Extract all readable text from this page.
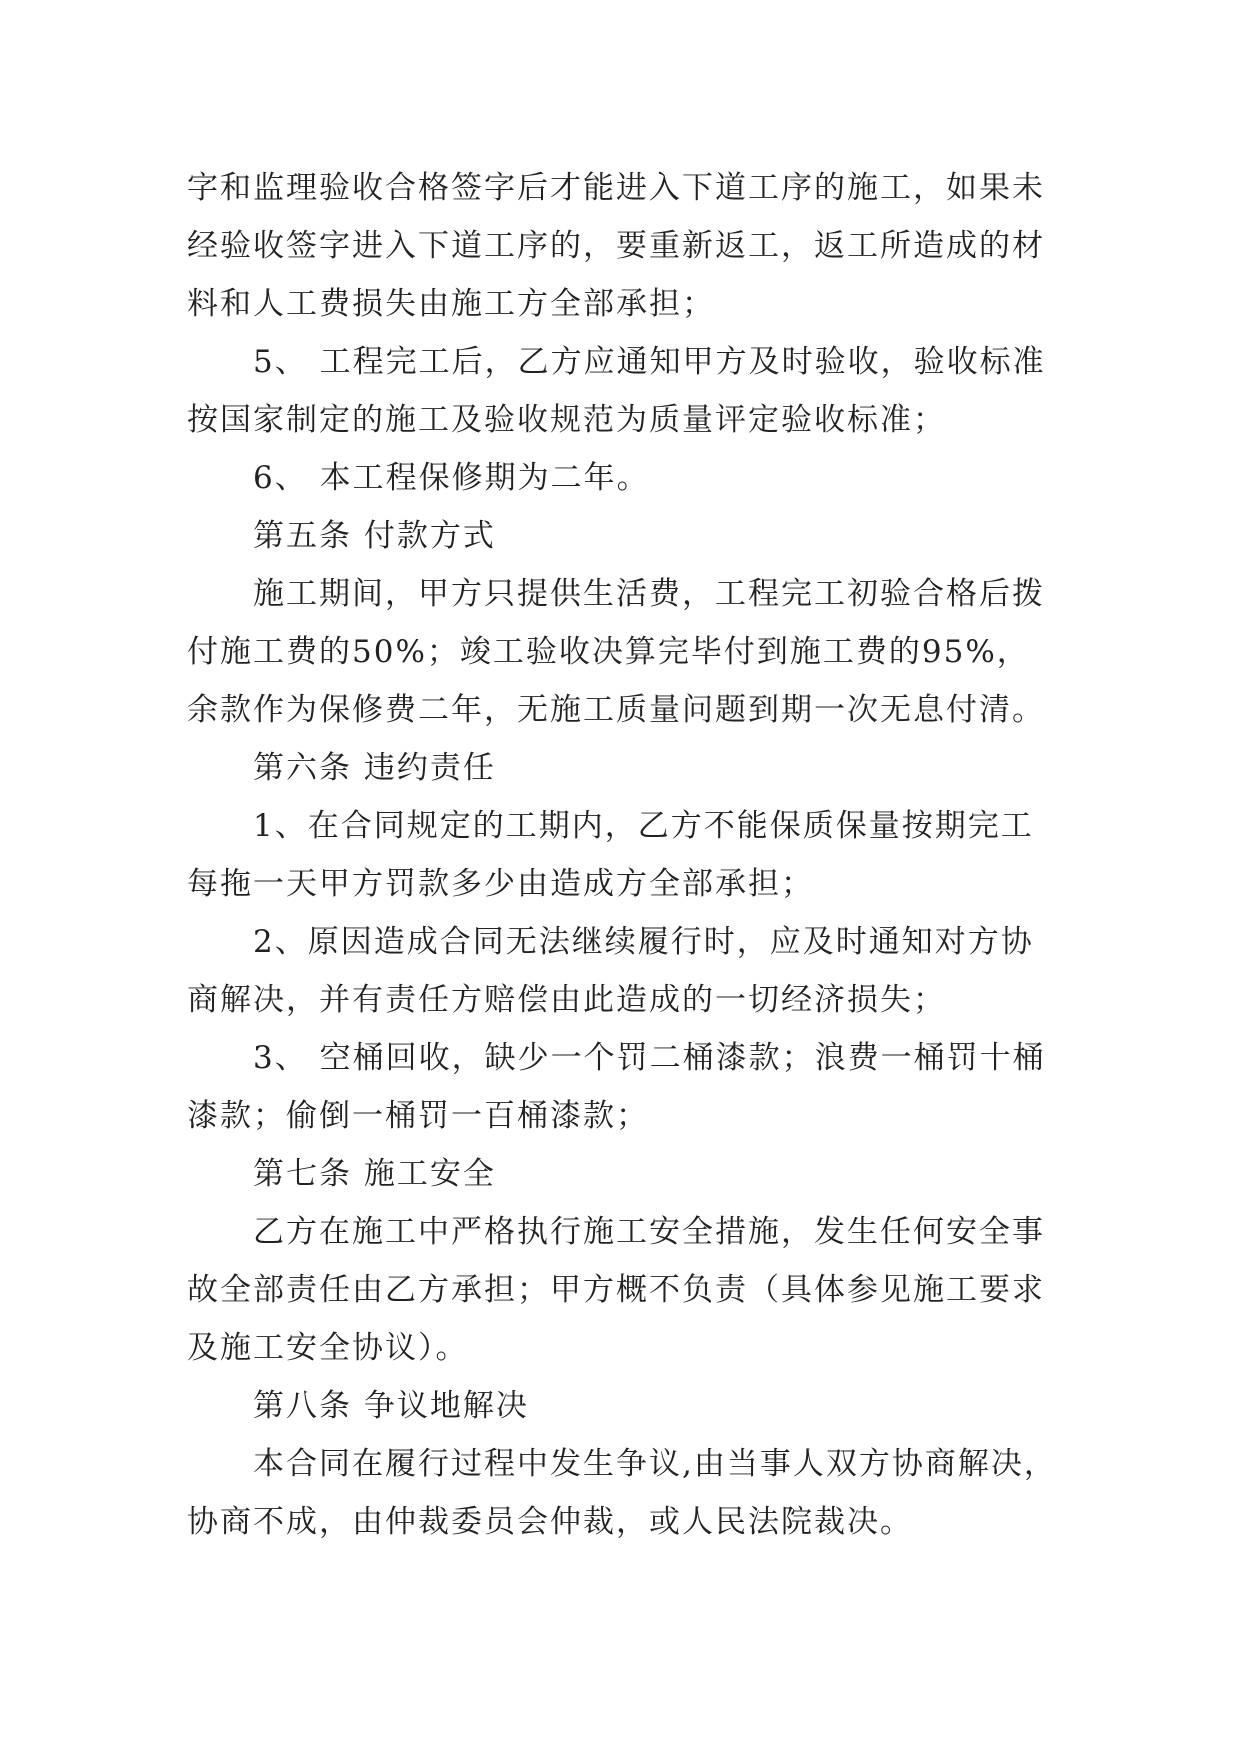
字和监理验收合格签字后才能进入下道工序的施工，如果未
经验收签字进入下道工序的，要重新返工，返工所造成的材
料和人工费损失由施工方全部承担；
5、 工程完工后，乙方应通知甲方及时验收，验收标准
按国家制定的施工及验收规范为质量评定验收标准；
6、 本工程保修期为二年。
第五条 付款方式
施工期间，甲方只提供生活费，工程完工初验合格后拨
付施工费的50%；竣工验收决算完毕付到施工费的95%，
余款作为保修费二年，无施工质量问题到期一次无息付清。
第六条 违约责任
1、在合同规定的工期内，乙方不能保质保量按期完工
每拖一天甲方罚款多少由造成方全部承担；
2、原因造成合同无法继续履行时，应及时通知对方协
商解决，并有责任方赔偿由此造成的一切经济损失；
3、 空桶回收，缺少一个罚二桶漆款；浪费一桶罚十桶
漆款；偷倒一桶罚一百桶漆款；
第七条 施工安全
乙方在施工中严格执行施工安全措施，发生任何安全事
故全部责任由乙方承担；甲方概不负责（具体参见施工要求
及施工安全协议）。
第八条 争议地解决
本合同在履行过程中发生争议,由当事人双方协商解决，
协商不成，由仲裁委员会仲裁，或人民法院裁决。
